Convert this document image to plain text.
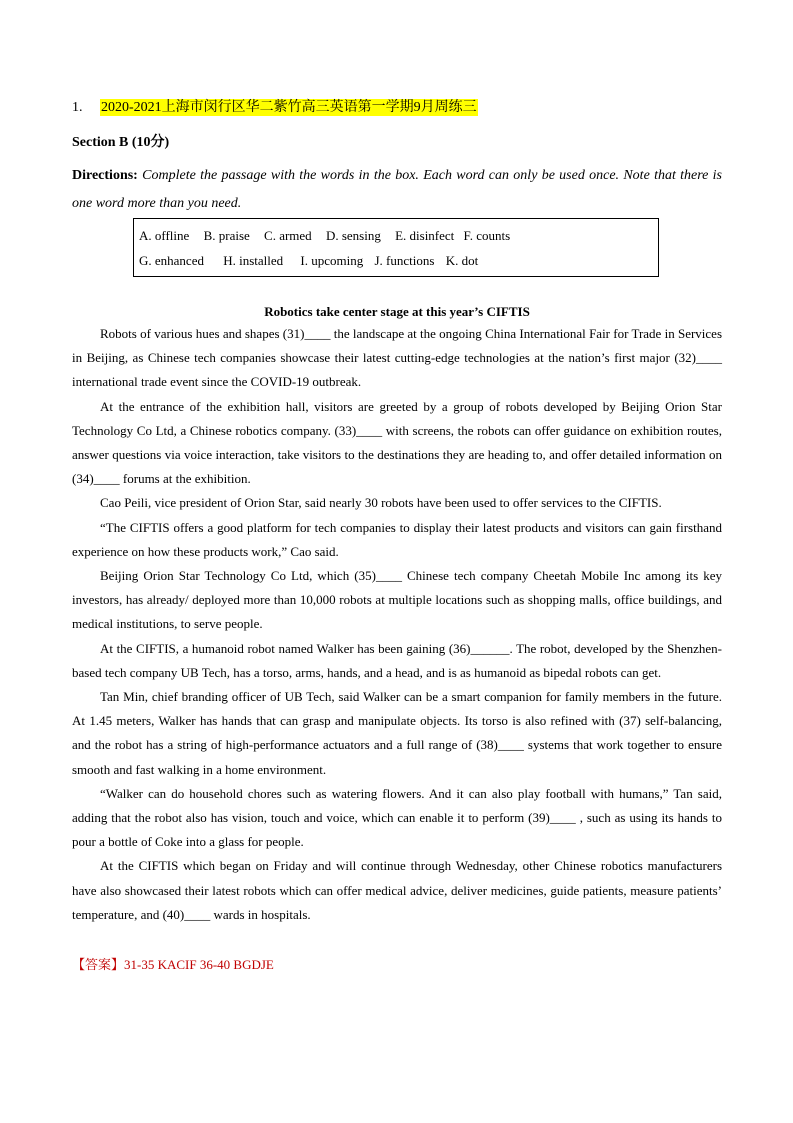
1. 2020-2021上海市闵行区华二紫竹高三英语第一学期9月周练三
Section B (10分)
Directions: Complete the passage with the words in the box. Each word can only be used once. Note that there is one word more than you need.
A. offline B. praise C. armed D. sensing E. disinfect F. counts
G. enhanced H. installed I. upcoming J. functions K. dot
Robotics take center stage at this year’s CIFTIS

Robots of various hues and shapes (31)____ the landscape at the ongoing China International Fair for Trade in Services in Beijing, as Chinese tech companies showcase their latest cutting-edge technologies at the nation’s first major (32)____ international trade event since the COVID-19 outbreak.

At the entrance of the exhibition hall, visitors are greeted by a group of robots developed by Beijing Orion Star Technology Co Ltd, a Chinese robotics company. (33)____ with screens, the robots can offer guidance on exhibition routes, answer questions via voice interaction, take visitors to the destinations they are heading to, and offer detailed information on (34)____ forums at the exhibition.

Cao Peili, vice president of Orion Star, said nearly 30 robots have been used to offer services to the CIFTIS.

“The CIFTIS offers a good platform for tech companies to display their latest products and visitors can gain firsthand experience on how these products work,” Cao said.

Beijing Orion Star Technology Co Ltd, which (35)____ Chinese tech company Cheetah Mobile Inc among its key investors, has already/ deployed more than 10,000 robots at multiple locations such as shopping malls, office buildings, and medical institutions, to serve people.

At the CIFTIS, a humanoid robot named Walker has been gaining (36)______. The robot, developed by the Shenzhen-based tech company UB Tech, has a torso, arms, hands, and a head, and is as humanoid as bipedal robots can get.

Tan Min, chief branding officer of UB Tech, said Walker can be a smart companion for family members in the future. At 1.45 meters, Walker has hands that can grasp and manipulate objects. Its torso is also refined with (37) self-balancing, and the robot has a string of high-performance actuators and a full range of (38)____ systems that work together to ensure smooth and fast walking in a home environment.

“Walker can do household chores such as watering flowers. And it can also play football with humans,” Tan said, adding that the robot also has vision, touch and voice, which can enable it to perform (39)____ , such as using its hands to pour a bottle of Coke into a glass for people.

At the CIFTIS which began on Friday and will continue through Wednesday, other Chinese robotics manufacturers have also showcased their latest robots which can offer medical advice, deliver medicines, guide patients, measure patients’ temperature, and (40)____ wards in hospitals.

【答案】31-35 KACIF 36-40 BGDJE
